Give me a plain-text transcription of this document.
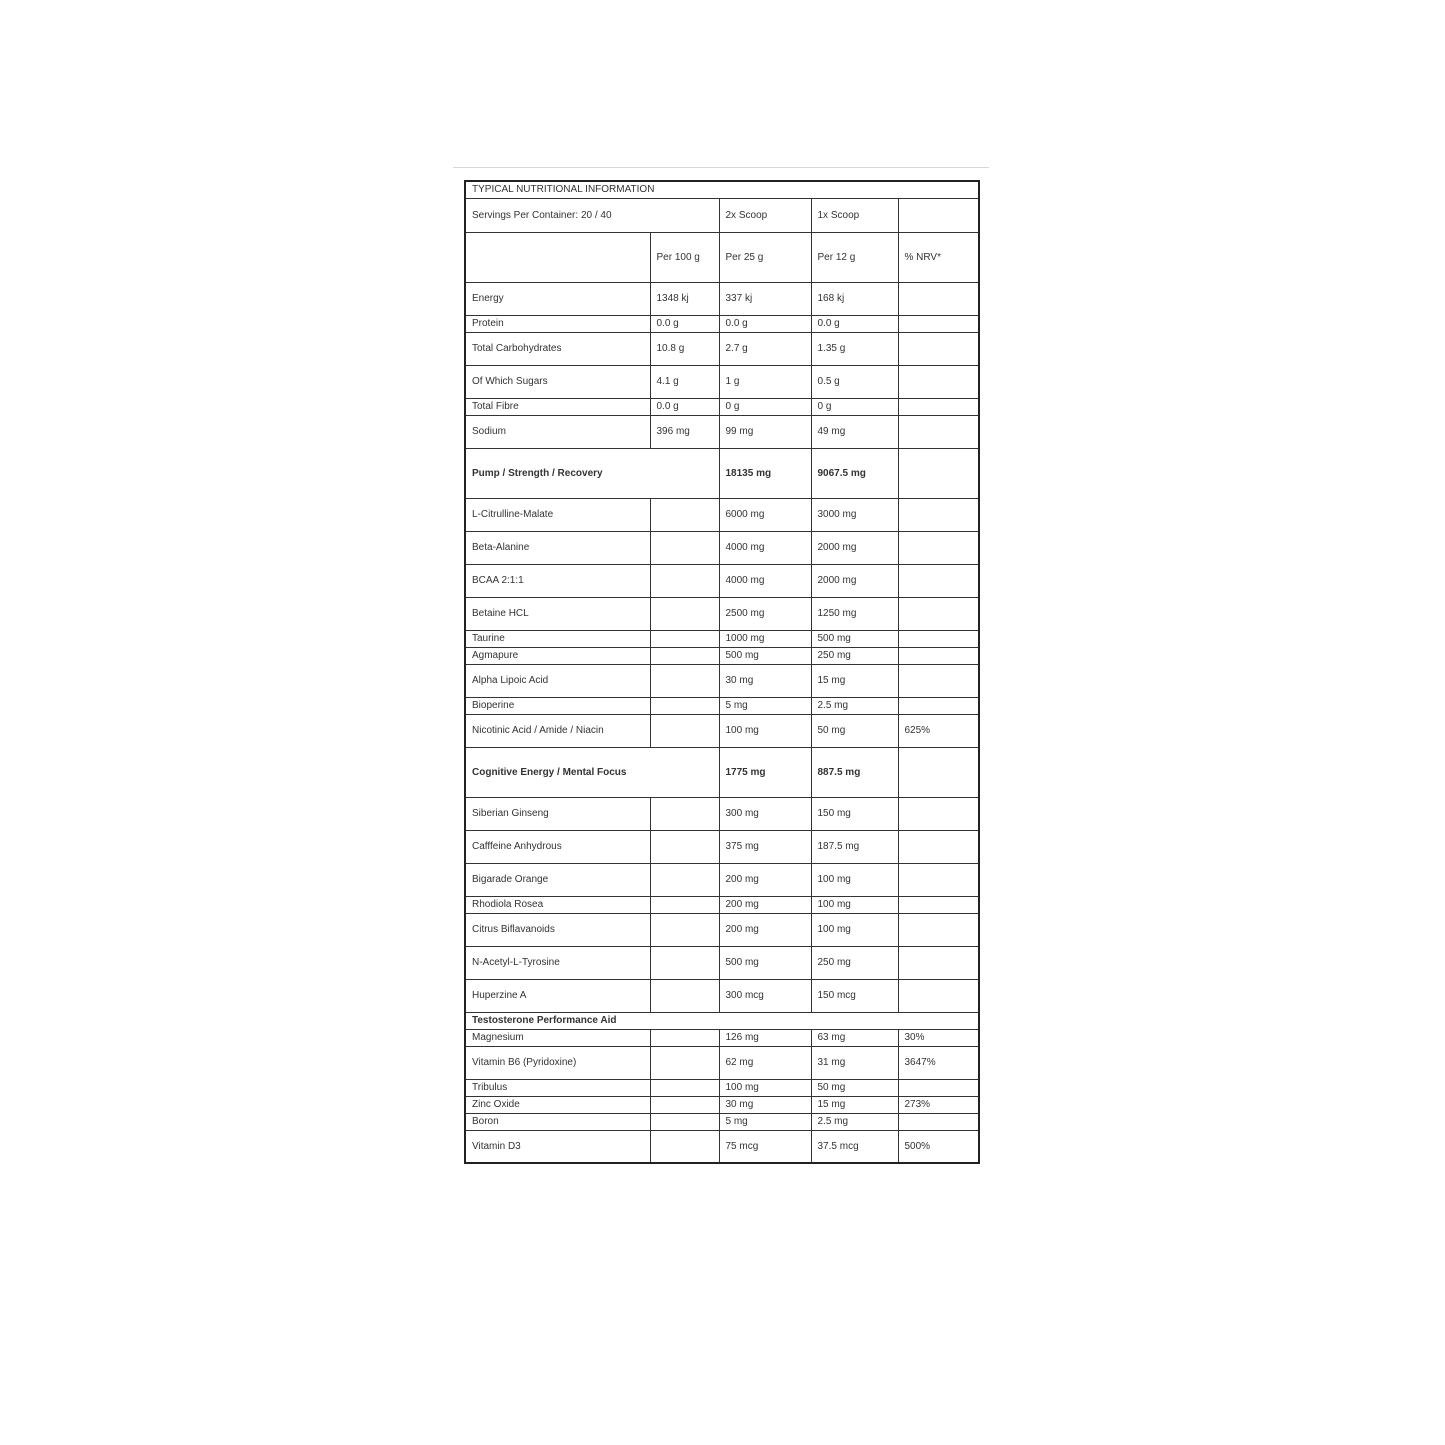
TYPICAL NUTRITIONAL INFORMATION				
Servings Per Container: 20 / 40		2x Scoop	1x Scoop	
	Per 100 g	Per 25 g	Per 12 g	% NRV*
Energy	1348 kj	337 kj	168 kj	
Protein	0.0 g	0.0 g	0.0 g	
Total Carbohydrates	10.8 g	2.7 g	1.35 g	
Of Which Sugars	4.1 g	1 g	0.5 g	
Total Fibre	0.0 g	0 g	0 g	
Sodium	396 mg	99 mg	49 mg	
Pump / Strength / Recovery		18135 mg	9067.5 mg	
L-Citrulline-Malate		6000 mg	3000 mg	
Beta-Alanine		4000 mg	2000 mg	
BCAA 2:1:1		4000 mg	2000 mg	
Betaine HCL		2500 mg	1250 mg	
Taurine		1000 mg	500 mg	
Agmapure		500 mg	250 mg	
Alpha Lipoic Acid		30 mg	15 mg	
Bioperine		5 mg	2.5 mg	
Nicotinic Acid / Amide / Niacin		100 mg	50 mg	625%
Cognitive Energy / Mental Focus		1775 mg	887.5 mg	
Siberian Ginseng		300 mg	150 mg	
Cafffeine Anhydrous		375 mg	187.5 mg	
Bigarade Orange		200 mg	100 mg	
Rhodiola Rosea		200 mg	100 mg	
Citrus Biflavanoids		200 mg	100 mg	
N-Acetyl-L-Tyrosine		500 mg	250 mg	
Huperzine A		300 mcg	150 mcg	
Testosterone Performance Aid				
Magnesium		126 mg	63 mg	30%
Vitamin B6 (Pyridoxine)		62 mg	31 mg	3647%
Tribulus		100 mg	50 mg	
Zinc Oxide		30 mg	15 mg	273%
Boron		5 mg	2.5 mg	
Vitamin D3		75 mcg	37.5 mcg	500%
